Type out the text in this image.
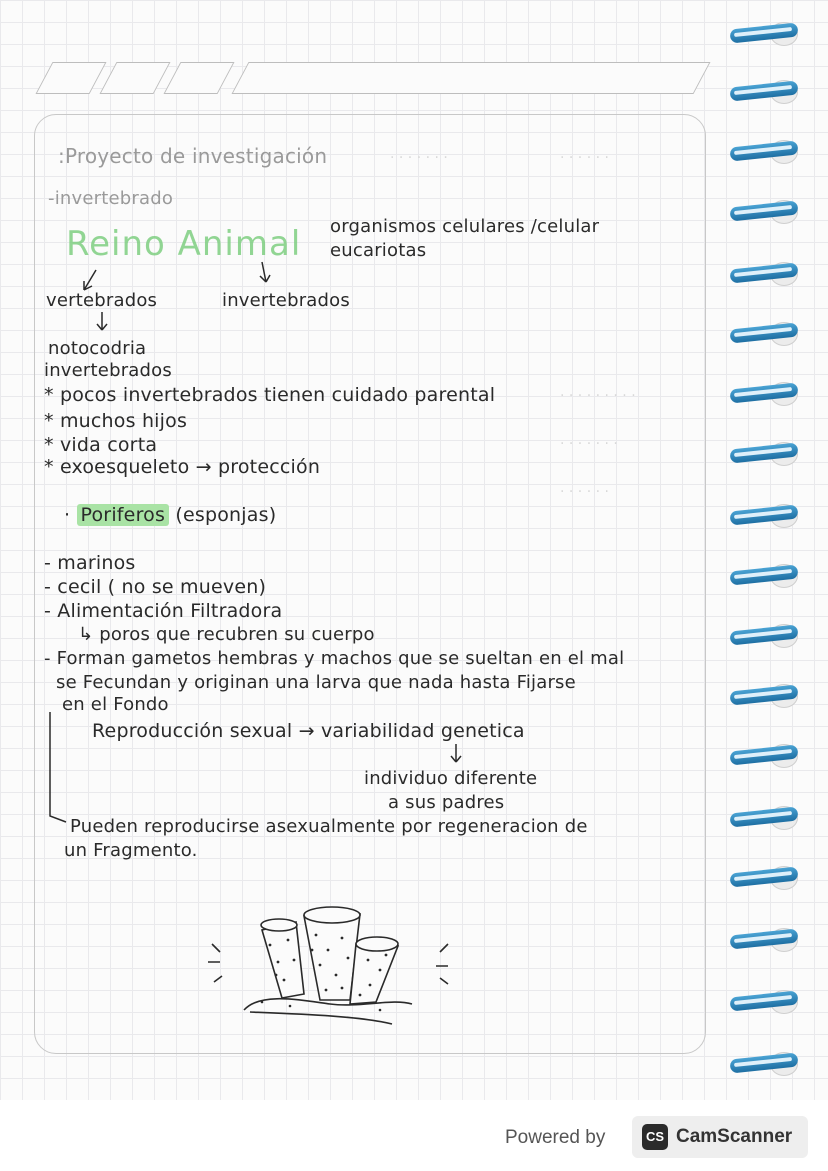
· · · · · · ·	· · · · · ·
· · · · · · · · ·
· · · · · · ·
· · · · · ·
:Proyecto de investigación
-invertebrado
Reino Animal organismos celulares /celular
eucariotas
vertebrados	invertebrados
notocodria
invertebrados
* pocos invertebrados tienen cuidado parental
* muchos hijos
* vida corta
* exoesqueleto → protección
· Poriferos (esponjas)
- marinos
- cecil ( no se mueven)
- Alimentación Filtradora
↳ poros que recubren su cuerpo
- Forman gametos hembras y machos que se sueltan en el mal
se Fecundan y originan una larva que nada hasta Fijarse
en el Fondo
Reproducción sexual → variabilidad genetica
individuo diferente
a sus padres
Pueden reproducirse asexualmente por regeneracion de
un Fragmento.
Powered by	CS CamScanner
